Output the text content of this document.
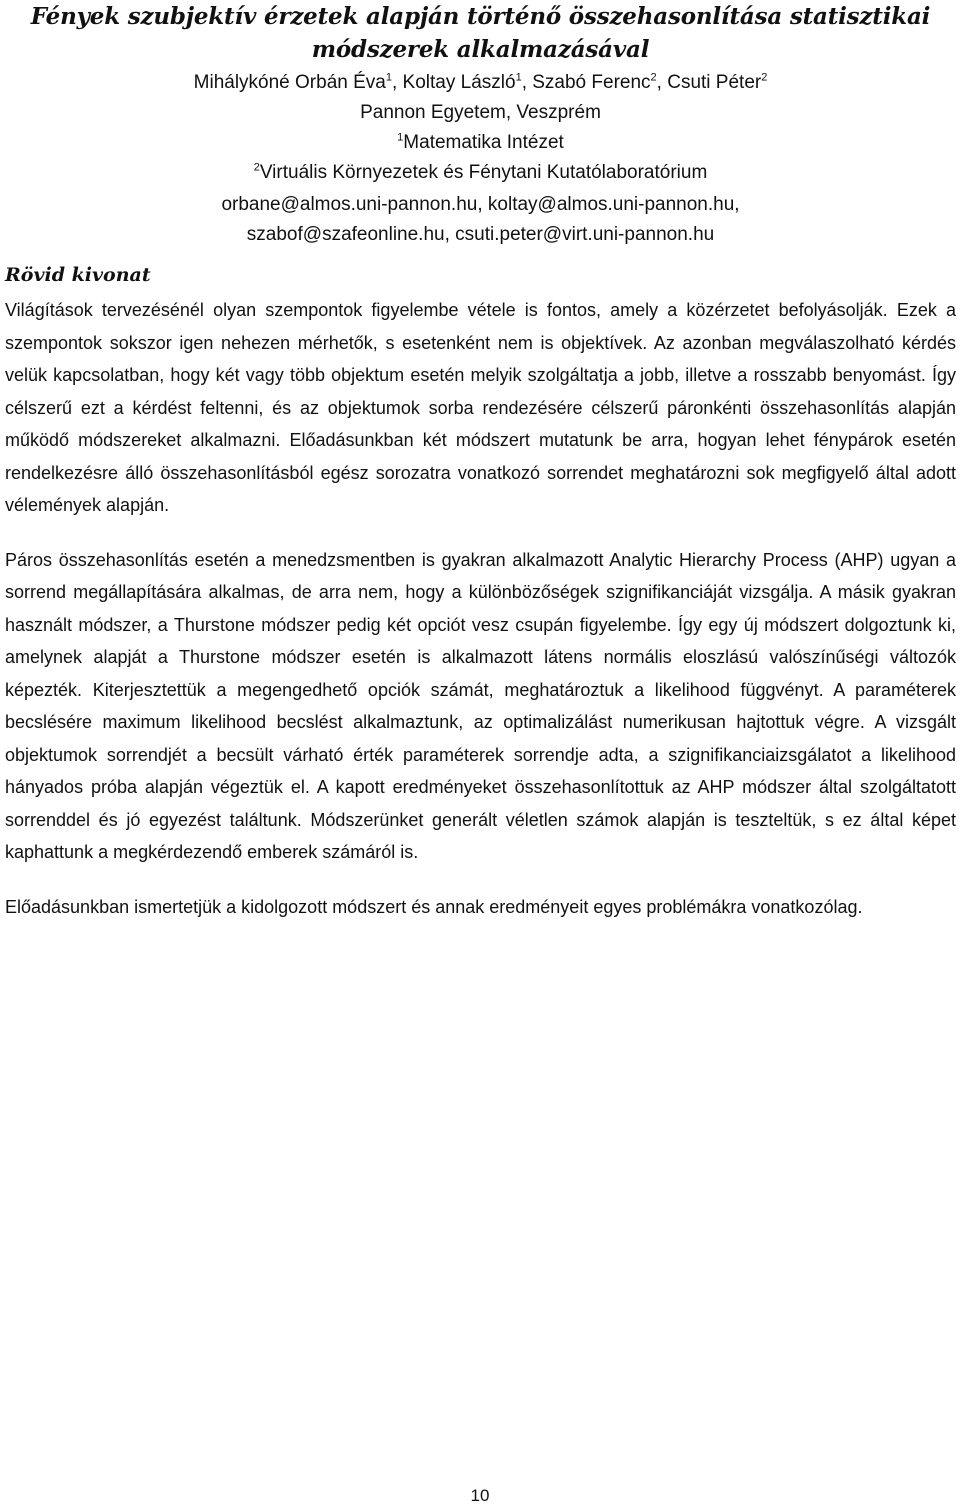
Fények szubjektív érzetek alapján történő összehasonlítása statisztikai módszerek alkalmazásával

Mihálykóné Orbán Éva$^1$, Koltay László$^1$, Szabó Ferenc$^2$, Csuti Péter$^2$

Pannon Egyetem, Veszprém

$^1$Matematika Intézet

$^2$Virtuális Környezetek és Fénytani Kutatólaboratórium

orbane@almos.uni-pannon.hu, koltay@almos.uni-pannon.hu,

szabof@szafeonline.hu, csuti.peter@virt.uni-pannon.hu

Rövid kivonat

Világítások tervezésénél olyan szempontok figyelembe vétele is fontos, amely a közérzetet befolyásolják. Ezek a szempontok sokszor igen nehezen mérhetők, s esetenként nem is objektívek. Az azonban megválaszolható kérdés velük kapcsolatban, hogy két vagy több objektum esetén melyik szolgáltatja a jobb, illetve a rosszabb benyomást. Így célszerű ezt a kérdést feltenni, és az objektumok sorba rendezésére célszerű páronkénti összehasonlítás alapján működő módszereket alkalmazni. Előadásunkban két módszert mutatunk be arra, hogyan lehet fénypárok esetén rendelkezésre álló összehasonlításból egész sorozatra vonatkozó sorrendet meghatározni sok megfigyelő által adott vélemények alapján.

Páros összehasonlítás esetén a menedzsmentben is gyakran alkalmazott Analytic Hierarchy Process (AHP) ugyan a sorrend megállapítására alkalmas, de arra nem, hogy a különbözőségek szignifikanciáját vizsgálja. A másik gyakran használt módszer, a Thurstone módszer pedig két opciót vesz csupán figyelembe. Így egy új módszert dolgoztunk ki, amelynek alapját a Thurstone módszer esetén is alkalmazott látens normális eloszlású valószínűségi változók képezték. Kiterjesztettük a megengedhető opciók számát, meghatároztuk a likelihood függvényt. A paraméterek becslésére maximum likelihood becslést alkalmaztunk, az optimalizálást numerikusan hajtottuk végre. A vizsgált objektumok sorrendjét a becsült várható érték paraméterek sorrendje adta, a szignifikanciaizsgálatot a likelihood hányados próba alapján végeztük el. A kapott eredményeket összehasonlítottuk az AHP módszer által szolgáltatott sorrenddel és jó egyezést találtunk. Módszerünket generált véletlen számok alapján is teszteltük, s ez által képet kaphattunk a megkérdezendő emberek számáról is.

Előadásunkban ismertetjük a kidolgozott módszert és annak eredményeit egyes problémákra vonatkozólag.

10
